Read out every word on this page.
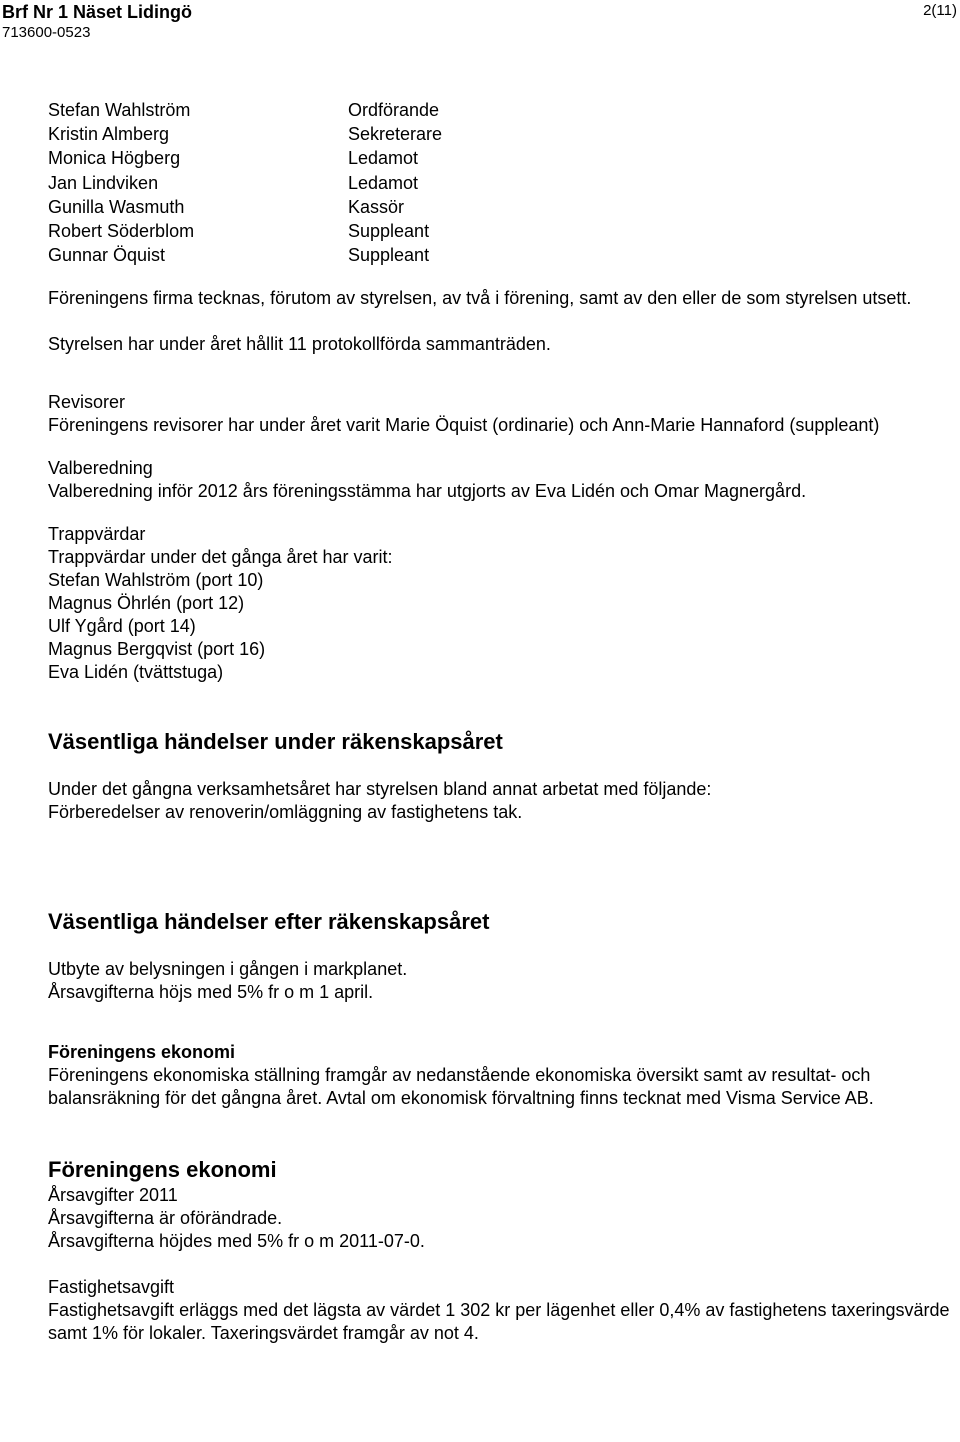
Brf Nr 1 Näset Lidingö
713600-0523
2(11)
Stefan Wahlström	Ordförande
Kristin Almberg	Sekreterare
Monica Högberg	Ledamot
Jan Lindviken	Ledamot
Gunilla Wasmuth	Kassör
Robert Söderblom	Suppleant
Gunnar Öquist	Suppleant

Föreningens firma tecknas, förutom av styrelsen, av två i förening, samt av den eller de som styrelsen utsett.

Styrelsen har under året hållit 11 protokollförda sammanträden.

Revisorer

Föreningens revisorer har under året varit Marie Öquist (ordinarie) och Ann-Marie Hannaford (suppleant)

Valberedning

Valberedning inför 2012 års föreningsstämma har utgjorts av Eva Lidén och Omar Magnergård.

Trappvärdar

Trappvärdar under det gånga året har varit:

Stefan Wahlström (port 10)

Magnus Öhrlén (port 12)

Ulf Ygård (port 14)

Magnus Bergqvist (port 16)

Eva Lidén (tvättstuga)

Väsentliga händelser under räkenskapsåret

Under det gångna verksamhetsåret har styrelsen bland annat arbetat med följande:

Förberedelser av renoverin/omläggning av fastighetens tak.

Väsentliga händelser efter räkenskapsåret

Utbyte av belysningen i gången i markplanet.

Årsavgifterna höjs med 5% fr o m 1 april.

Föreningens ekonomi

Föreningens ekonomiska ställning framgår av nedanstående ekonomiska översikt samt av resultat- och balansräkning för det gångna året. Avtal om ekonomisk förvaltning finns tecknat med Visma Service AB.

Föreningens ekonomi

Årsavgifter 2011

Årsavgifterna är oförändrade.

Årsavgifterna höjdes med 5% fr o m 2011-07-0.

Fastighetsavgift

Fastighetsavgift erläggs med det lägsta av värdet 1 302 kr per lägenhet eller 0,4% av fastighetens taxeringsvärde samt 1% för lokaler. Taxeringsvärdet framgår av not 4.
